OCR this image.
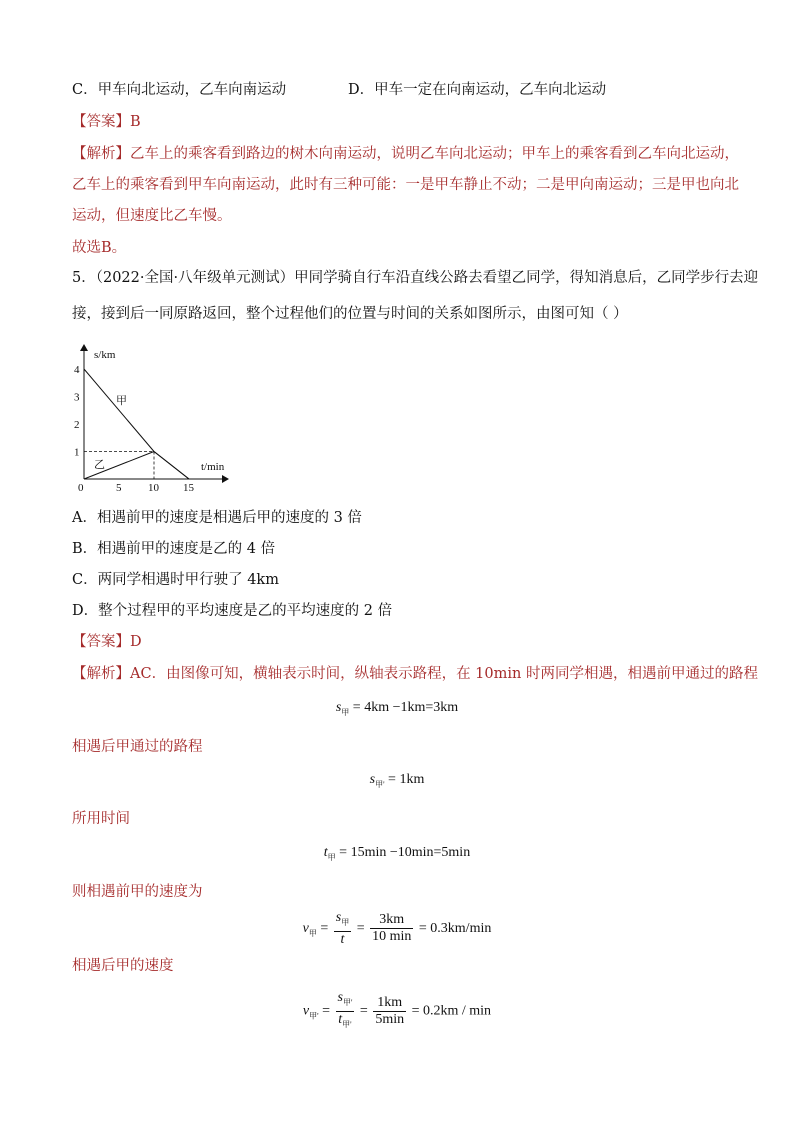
C．甲车向北运动，乙车向南运动	D．甲车一定在向南运动，乙车向北运动
【答案】B
【解析】乙车上的乘客看到路边的树木向南运动，说明乙车向北运动；甲车上的乘客看到乙车向北运动，
乙车上的乘客看到甲车向南运动，此时有三种可能：一是甲车静止不动；二是甲向南运动；三是甲也向北
运动，但速度比乙车慢。
故选B。
5．（2022·全国·八年级单元测试）甲同学骑自行车沿直线公路去看望乙同学，得知消息后，乙同学步行去迎
接，接到后一同原路返回，整个过程他们的位置与时间的关系如图所示，由图可知（ ）
s/km
t/min
0
1
2
3
4
5 10 15
甲
乙
A．相遇前甲的速度是相遇后甲的速度的 3 倍
B．相遇前甲的速度是乙的 4 倍
C．两同学相遇时甲行驶了 4km
D．整个过程甲的平均速度是乙的平均速度的 2 倍
【答案】D
【解析】AC．由图像可知，横轴表示时间，纵轴表示路程，在 10min 时两同学相遇，相遇前甲通过的路程
$s_甲 = 4km -1km=3km$
相遇后甲通过的路程
$s_{甲'} = 1km$
所用时间
$t_甲 = 15\min -10\min=5\min$
则相遇前甲的速度为
$v_甲 = \frac{s_甲}{t} = \frac{3km}{10 \min} = 0.3km/\min$
相遇后甲的速度
$v_{甲'} = \frac{s_{甲'}}{t_{甲'}} = \frac{1km}{5\min} = 0.2km / \min$
